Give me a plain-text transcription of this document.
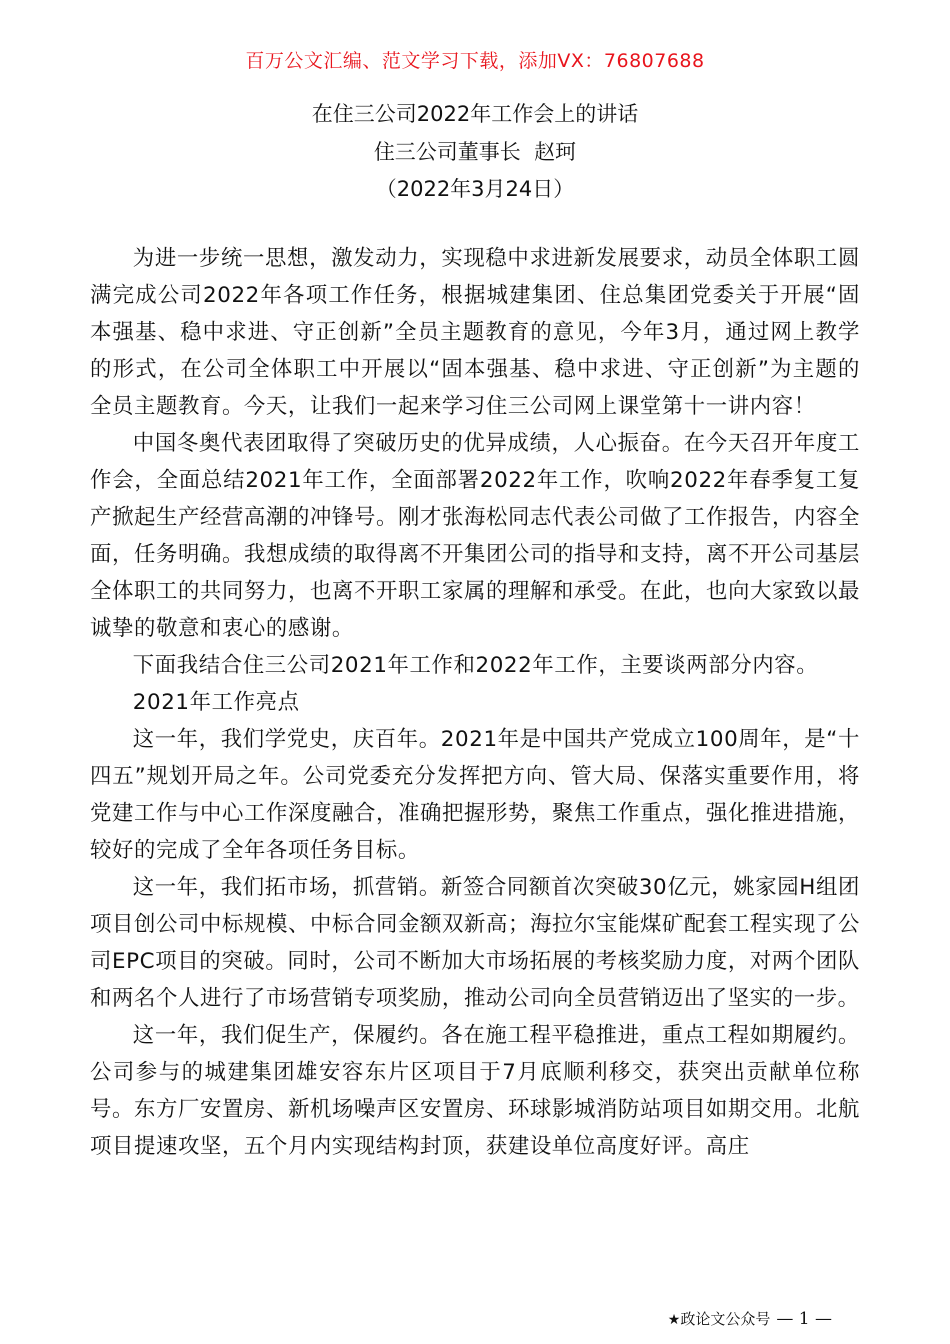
百万公文汇编、范文学习下载，添加VX：76807688
在住三公司2022年工作会上的讲话
住三公司董事长  赵珂
（2022年3月24日）

为进一步统一思想，激发动力，实现稳中求进新发展要求，动员全体职工圆满完成公司2022年各项工作任务，根据城建集团、住总集团党委关于开展“固本强基、稳中求进、守正创新”全员主题教育的意见，今年3月，通过网上教学的形式，在公司全体职工中开展以“固本强基、稳中求进、守正创新”为主题的全员主题教育。今天，让我们一起来学习住三公司网上课堂第十一讲内容！

中国冬奥代表团取得了突破历史的优异成绩，人心振奋。在今天召开年度工作会，全面总结2021年工作，全面部署2022年工作，吹响2022年春季复工复产掀起生产经营高潮的冲锋号。刚才张海松同志代表公司做了工作报告，内容全面，任务明确。我想成绩的取得离不开集团公司的指导和支持，离不开公司基层全体职工的共同努力，也离不开职工家属的理解和承受。在此，也向大家致以最诚挚的敬意和衷心的感谢。

下面我结合住三公司2021年工作和2022年工作，主要谈两部分内容。

2021年工作亮点

这一年，我们学党史，庆百年。2021年是中国共产党成立100周年，是“十四五”规划开局之年。公司党委充分发挥把方向、管大局、保落实重要作用，将党建工作与中心工作深度融合，准确把握形势，聚焦工作重点，强化推进措施，较好的完成了全年各项任务目标。

这一年，我们拓市场，抓营销。新签合同额首次突破30亿元，姚家园H组团项目创公司中标规模、中标合同金额双新高；海拉尔宝能煤矿配套工程实现了公司EPC项目的突破。同时，公司不断加大市场拓展的考核奖励力度，对两个团队和两名个人进行了市场营销专项奖励，推动公司向全员营销迈出了坚实的一步。

这一年，我们促生产，保履约。各在施工程平稳推进，重点工程如期履约。公司参与的城建集团雄安容东片区项目于7月底顺利移交，获突出贡献单位称号。东方厂安置房、新机场噪声区安置房、环球影城消防站项目如期交用。北航项目提速攻坚，五个月内实现结构封顶，获建设单位高度好评。高庄

★政论文公众号 — 1 —
